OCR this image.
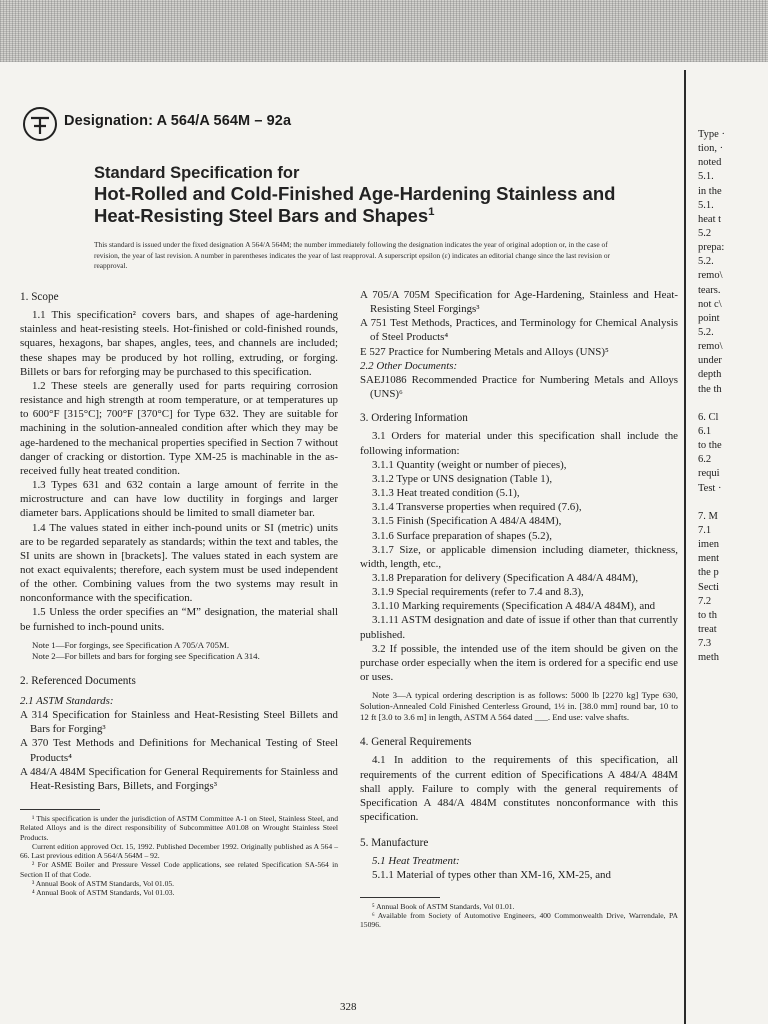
Designation: A 564/A 564M – 92a
Standard Specification for
Hot-Rolled and Cold-Finished Age-Hardening Stainless and
Heat-Resisting Steel Bars and Shapes$^1$
This standard is issued under the fixed designation A 564/A 564M; the number immediately following the designation indicates the year of original adoption or, in the case of revision, the year of last revision. A number in parentheses indicates the year of last reapproval. A superscript epsilon (ε) indicates an editorial change since the last revision or reapproval.

1. Scope

1.1 This specification² covers bars, and shapes of age-hardening stainless and heat-resisting steels. Hot-finished or cold-finished rounds, squares, hexagons, bar shapes, angles, tees, and channels are included; these shapes may be produced by hot rolling, extruding, or forging. Billets or bars for reforging may be purchased to this specification.

1.2 These steels are generally used for parts requiring corrosion resistance and high strength at room temperature, or at temperatures up to 600°F [315°C]; 700°F [370°C] for Type 632. They are suitable for machining in the solution-annealed condition after which they may be age-hardened to the mechanical properties specified in Section 7 without danger of cracking or distortion. Type XM-25 is machinable in the as-received fully heat treated condition.

1.3 Types 631 and 632 contain a large amount of ferrite in the microstructure and can have low ductility in forgings and larger diameter bars. Applications should be limited to small diameter bar.

1.4 The values stated in either inch-pound units or SI (metric) units are to be regarded separately as standards; within the text and tables, the SI units are shown in [brackets]. The values stated in each system are not exact equivalents; therefore, each system must be used independent of the other. Combining values from the two systems may result in nonconformance with the specification.

1.5 Unless the order specifies an “M” designation, the material shall be furnished to inch-pound units.

Note 1—For forgings, see Specification A 705/A 705M.

Note 2—For billets and bars for forging see Specification A 314.

2. Referenced Documents

2.1 ASTM Standards:

A 314 Specification for Stainless and Heat-Resisting Steel Billets and Bars for Forging³

A 370 Test Methods and Definitions for Mechanical Testing of Steel Products⁴

A 484/A 484M Specification for General Requirements for Stainless and Heat-Resisting Bars, Billets, and Forgings³

¹ This specification is under the jurisdiction of ASTM Committee A-1 on Steel, Stainless Steel, and Related Alloys and is the direct responsibility of Subcommittee A01.08 on Wrought Stainless Steel Products.

Current edition approved Oct. 15, 1992. Published December 1992. Originally published as A 564 – 66. Last previous edition A 564/A 564M – 92.

² For ASME Boiler and Pressure Vessel Code applications, see related Specification SA-564 in Section II of that Code.

³ Annual Book of ASTM Standards, Vol 01.05.

⁴ Annual Book of ASTM Standards, Vol 01.03.

A 705/A 705M Specification for Age-Hardening, Stainless and Heat-Resisting Steel Forgings³

A 751 Test Methods, Practices, and Terminology for Chemical Analysis of Steel Products⁴

E 527 Practice for Numbering Metals and Alloys (UNS)⁵

2.2 Other Documents:

SAEJ1086 Recommended Practice for Numbering Metals and Alloys (UNS)⁶

3. Ordering Information

3.1 Orders for material under this specification shall include the following information:

3.1.1 Quantity (weight or number of pieces),

3.1.2 Type or UNS designation (Table 1),

3.1.3 Heat treated condition (5.1),

3.1.4 Transverse properties when required (7.6),

3.1.5 Finish (Specification A 484/A 484M),

3.1.6 Surface preparation of shapes (5.2),

3.1.7 Size, or applicable dimension including diameter, thickness, width, length, etc.,

3.1.8 Preparation for delivery (Specification A 484/A 484M),

3.1.9 Special requirements (refer to 7.4 and 8.3),

3.1.10 Marking requirements (Specification A 484/A 484M), and

3.1.11 ASTM designation and date of issue if other than that currently published.

3.2 If possible, the intended use of the item should be given on the purchase order especially when the item is ordered for a specific end use or uses.

Note 3—A typical ordering description is as follows: 5000 lb [2270 kg] Type 630, Solution-Annealed Cold Finished Centerless Ground, 1½ in. [38.0 mm] round bar, 10 to 12 ft [3.0 to 3.6 m] in length, ASTM A 564 dated ___. End use: valve shafts.

4. General Requirements

4.1 In addition to the requirements of this specification, all requirements of the current edition of Specifications A 484/A 484M shall apply. Failure to comply with the general requirements of Specification A 484/A 484M constitutes nonconformance with this specification.

5. Manufacture

5.1 Heat Treatment:

5.1.1 Material of types other than XM-16, XM-25, and

⁵ Annual Book of ASTM Standards, Vol 01.01.

⁶ Available from Society of Automotive Engineers, 400 Commonwealth Drive, Warrendale, PA 15096.

Type ·
tion, ·
noted
5.1.
in the
5.1.
heat t
5.2
prepa:
5.2.
remo\
tears.
not c\
point
5.2.
remo\
under
depth
the th
6. Cl
6.1
to the
6.2
requi
Test ·
7. M
7.1
imen
ment
the p
Secti
7.2
to th
treat
7.3
meth
328
